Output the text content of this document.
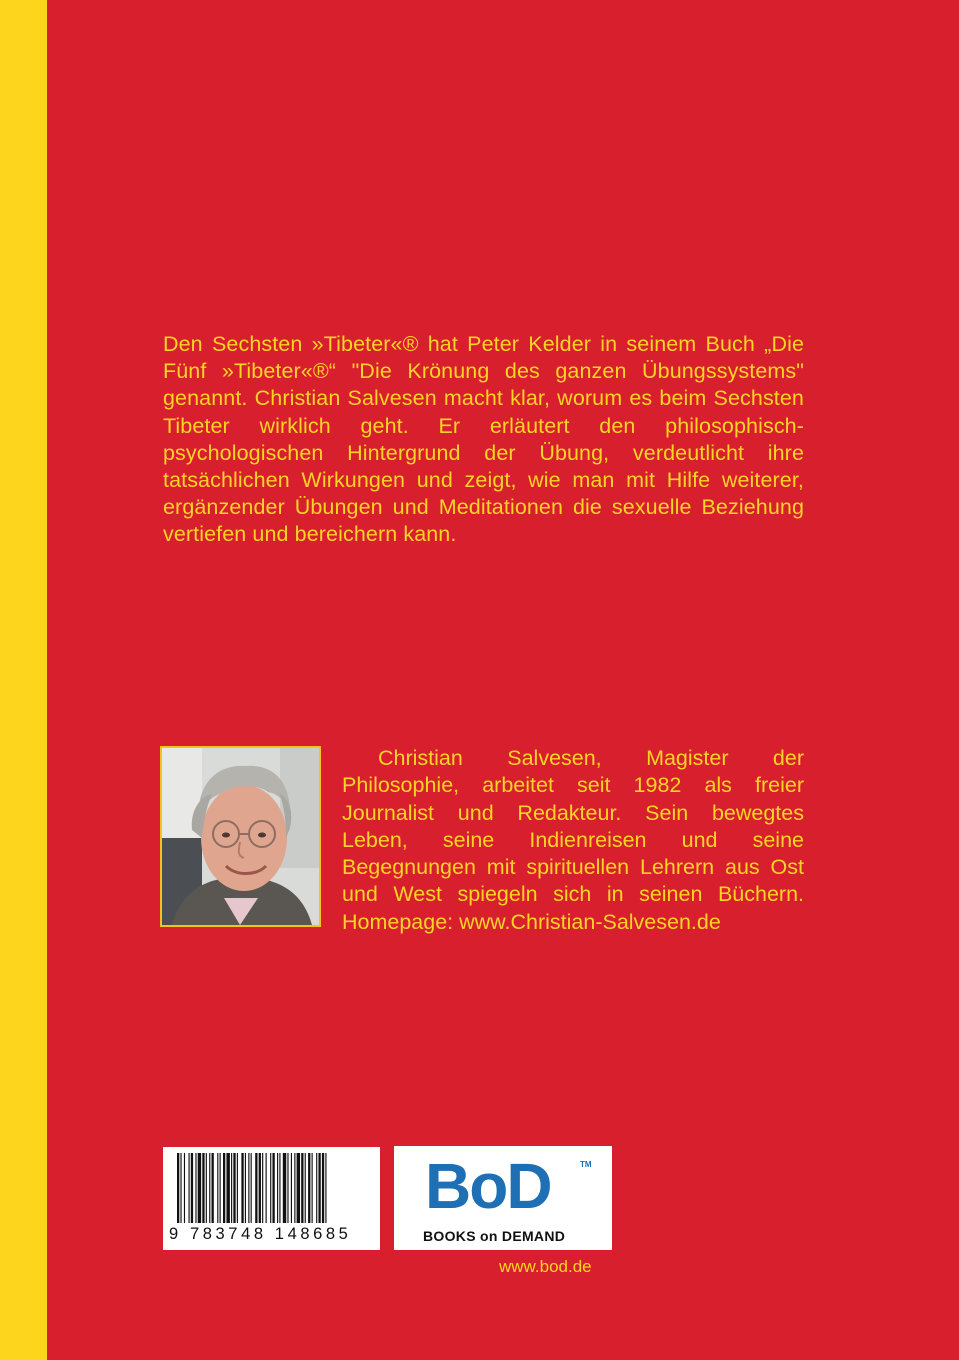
Den Sechsten »Tibeter«® hat Peter Kelder in seinem Buch „Die Fünf »Tibeter«®“ "Die Krönung des ganzen Übungssystems" genannt. Christian Salvesen macht klar, worum es beim Sechsten Tibeter wirklich geht. Er erläutert den philosophisch-psychologischen Hintergrund der Übung, verdeutlicht ihre tatsächlichen Wirkungen und zeigt, wie man mit Hilfe weiterer, ergänzender Übungen und Meditationen die sexuelle Beziehung vertiefen und bereichern kann.

Christian Salvesen, Magister der Philosophie, arbeitet seit 1982 als freier Journalist und Redakteur. Sein bewegtes Leben, seine Indienreisen und seine Begegnungen mit spirituellen Lehrern aus Ost und West spiegeln sich in seinen Büchern. Homepage: www.Christian-Salvesen.de

9 783748 148685
BoD	TM
BOOKS on DEMAND
www.bod.de
